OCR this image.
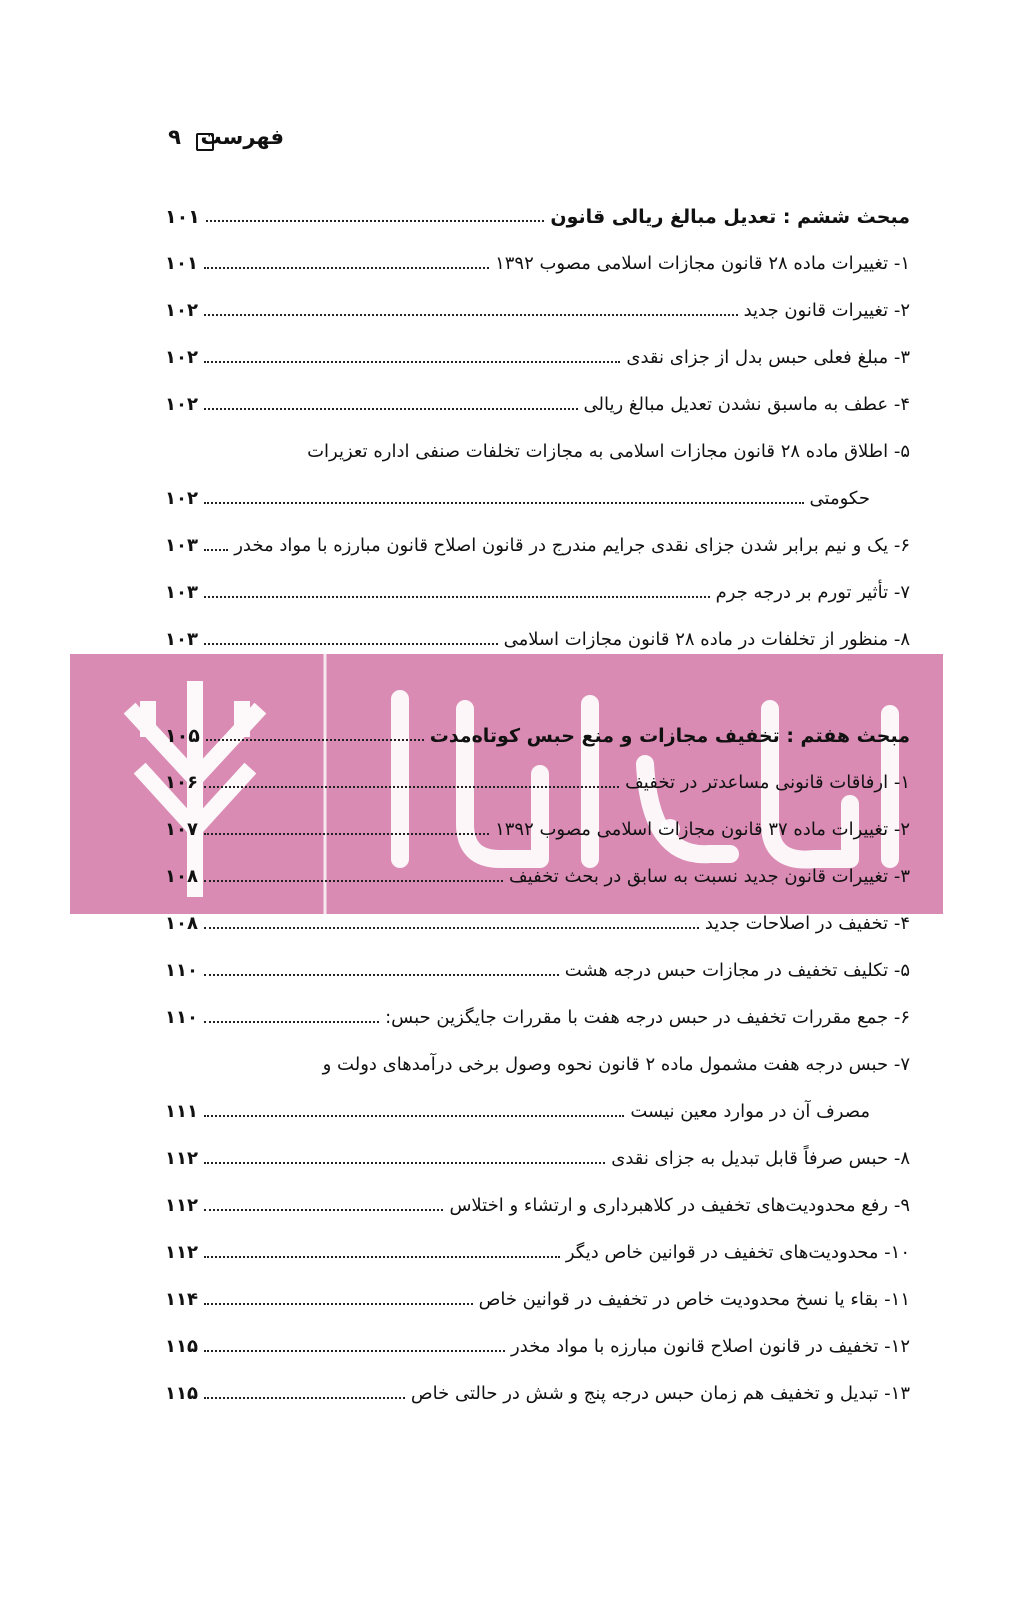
فهرست
۹
مبحث ششم : تعدیل مبالغ ریالی قانون
۱۰۱
۱- تغییرات ماده ۲۸ قانون مجازات اسلامی مصوب ۱۳۹۲
۱۰۱
۲- تغییرات قانون جدید
۱۰۲
۳- مبلغ فعلی حبس بدل از جزای نقدی
۱۰۲
۴- عطف به ماسبق نشدن تعدیل مبالغ ریالی
۱۰۲
۵- اطلاق ماده ۲۸ قانون مجازات اسلامی به مجازات تخلفات صنفی اداره تعزیرات
حکومتی
۱۰۲
۶- یک و نیم برابر شدن جزای نقدی جرایم مندرج در قانون اصلاح قانون مبارزه با مواد مخدر
۱۰۳
۷- تأثیر تورم بر درجه جرم
۱۰۳
۸- منظور از تخلفات در ماده ۲۸ قانون مجازات اسلامی
۱۰۳
مبحث هفتم : تخفیف مجازات و منع حبس کوتاه‌مدت
۱۰۵
۱- ارفاقات قانونی مساعدتر در تخفیف
۱۰۶
۲- تغییرات ماده ۳۷ قانون مجازات اسلامی مصوب ۱۳۹۲
۱۰۷
۳- تغییرات قانون جدید نسبت به سابق در بحث تخفیف
۱۰۸
۴- تخفیف در اصلاحات جدید
۱۰۸
۵- تکلیف تخفیف در مجازات حبس درجه هشت
۱۱۰
۶- جمع مقررات تخفیف در حبس درجه هفت با مقررات جایگزین حبس:
۱۱۰
۷- حبس درجه هفت مشمول ماده ۲ قانون نحوه وصول برخی درآمدهای دولت و
مصرف آن در موارد معین نیست
۱۱۱
۸- حبس صرفاً قابل تبدیل به جزای نقدی
۱۱۲
۹- رفع محدودیت‌های تخفیف در کلاهبرداری و ارتشاء و اختلاس
۱۱۲
۱۰- محدودیت‌های تخفیف در قوانین خاص دیگر
۱۱۲
۱۱- بقاء یا نسخ محدودیت خاص در تخفیف در قوانین خاص
۱۱۴
۱۲- تخفیف در قانون اصلاح قانون مبارزه با مواد مخدر
۱۱۵
۱۳- تبدیل و تخفیف هم زمان حبس درجه پنج و شش در حالتی خاص
۱۱۵
